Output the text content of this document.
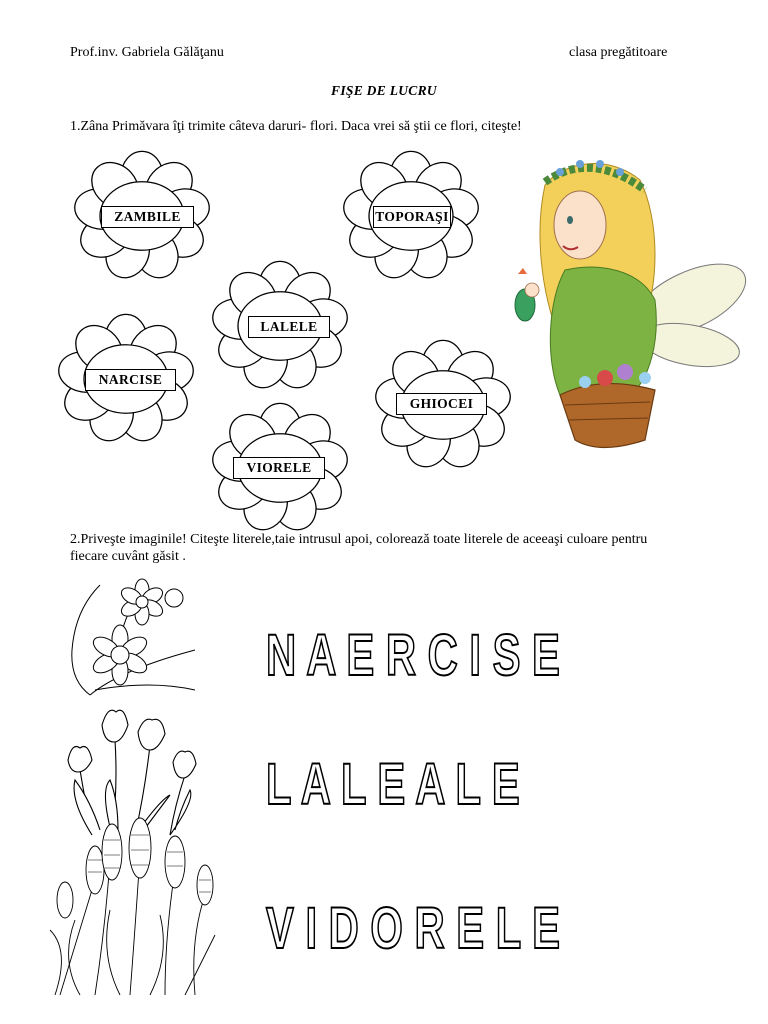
Prof.inv. Gabriela Gălăţanu	clasa pregătitoare
FIŞE DE LUCRU
1.Zâna Primăvara îţi trimite câteva daruri- flori. Daca vrei să ştii ce flori, citeşte!
ZAMBILE	TOPORAŞI
LALELE
NARCISE
GHIOCEI
VIORELE
2.Priveşte imaginile! Citeşte literele,taie intrusul apoi, colorează toate literele de aceeaşi culoare pentru
fiecare cuvânt găsit .
N A E R C I S E
L A L E A L E
V I D O R E L E
